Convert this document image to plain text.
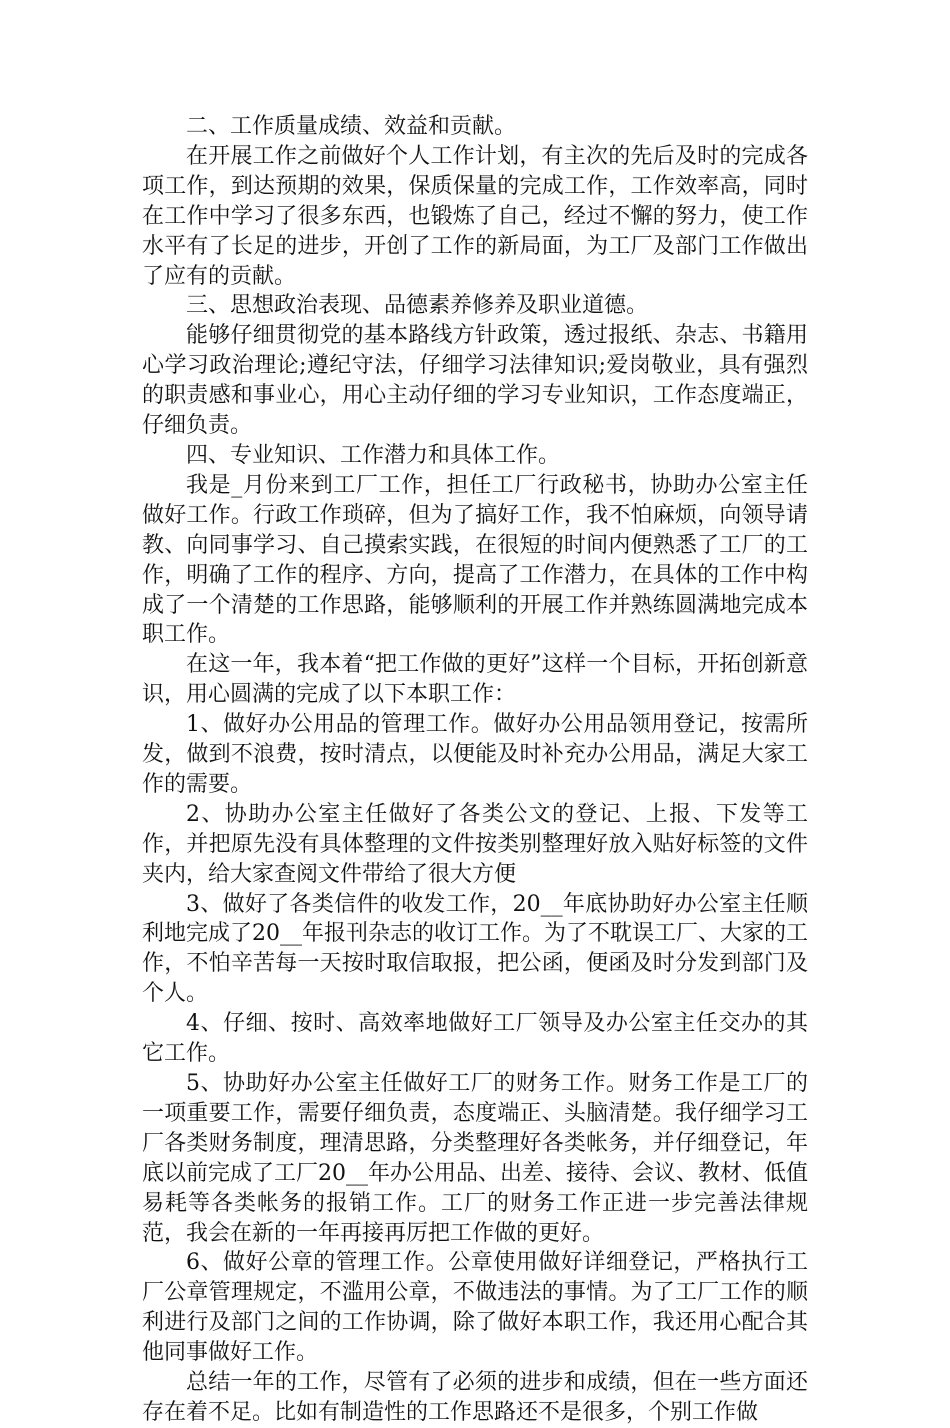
二、工作质量成绩、效益和贡献。

在开展工作之前做好个人工作计划，有主次的先后及时的完成各项工作，到达预期的效果，保质保量的完成工作，工作效率高，同时在工作中学习了很多东西，也锻炼了自己，经过不懈的努力，使工作水平有了长足的进步，开创了工作的新局面，为工厂及部门工作做出了应有的贡献。

三、思想政治表现、品德素养修养及职业道德。

能够仔细贯彻党的基本路线方针政策，透过报纸、杂志、书籍用心学习政治理论;遵纪守法，仔细学习法律知识;爱岗敬业，具有强烈的职责感和事业心，用心主动仔细的学习专业知识，工作态度端正，仔细负责。

四、专业知识、工作潜力和具体工作。

我是_月份来到工厂工作，担任工厂行政秘书，协助办公室主任做好工作。行政工作琐碎，但为了搞好工作，我不怕麻烦，向领导请教、向同事学习、自己摸索实践，在很短的时间内便熟悉了工厂的工作，明确了工作的程序、方向，提高了工作潜力，在具体的工作中构成了一个清楚的工作思路，能够顺利的开展工作并熟练圆满地完成本职工作。

在这一年，我本着“把工作做的更好”这样一个目标，开拓创新意识，用心圆满的完成了以下本职工作：

1、做好办公用品的管理工作。做好办公用品领用登记，按需所发，做到不浪费，按时清点，以便能及时补充办公用品，满足大家工作的需要。

2、协助办公室主任做好了各类公文的登记、上报、下发等工作，并把原先没有具体整理的文件按类别整理好放入贴好标签的文件夹内，给大家查阅文件带给了很大方便

3、做好了各类信件的收发工作，20__年底协助好办公室主任顺利地完成了20__年报刊杂志的收订工作。为了不耽误工厂、大家的工作，不怕辛苦每一天按时取信取报，把公函，便函及时分发到部门及个人。

4、仔细、按时、高效率地做好工厂领导及办公室主任交办的其它工作。

5、协助好办公室主任做好工厂的财务工作。财务工作是工厂的一项重要工作，需要仔细负责，态度端正、头脑清楚。我仔细学习工厂各类财务制度，理清思路，分类整理好各类帐务，并仔细登记，年底以前完成了工厂20__年办公用品、出差、接待、会议、教材、低值易耗等各类帐务的报销工作。工厂的财务工作正进一步完善法律规范，我会在新的一年再接再厉把工作做的更好。

6、做好公章的管理工作。公章使用做好详细登记，严格执行工厂公章管理规定，不滥用公章，不做违法的事情。为了工厂工作的顺利进行及部门之间的工作协调，除了做好本职工作，我还用心配合其他同事做好工作。

总结一年的工作，尽管有了必须的进步和成绩，但在一些方面还存在着不足。比如有制造性的工作思路还不是很多，个别工作做
